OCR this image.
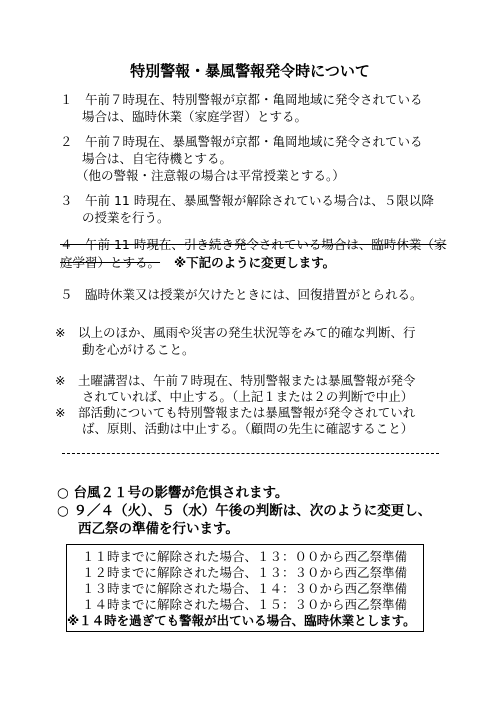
特別警報・暴風警報発令時について
１　午前７時現在、特別警報が京都・亀岡地域に発令されている
場合は、臨時休業（家庭学習）とする。
２　午前７時現在、暴風警報が京都・亀岡地域に発令されている
場合は、自宅待機とする。
（他の警報・注意報の場合は平常授業とする。）
３　午前 11 時現在、暴風警報が解除されている場合は、５限以降
の授業を行う。
４　午前 11 時現在、引き続き発令されている場合は、臨時休業（家
庭学習）とする。 ※下記のように変更します。
５　臨時休業又は授業が欠けたときには、回復措置がとられる。
※　以上のほか、風雨や災害の発生状況等をみて的確な判断、行
動を心がけること。
※　土曜講習は、午前７時現在、特別警報または暴風警報が発令
されていれば、中止する。（上記１または２の判断で中止）
※　部活動についても特別警報または暴風警報が発令されていれ
ば、原則、活動は中止する。（顧問の先生に確認すること）
○ 台風２１号の影響が危惧されます。
○ ９／４（火）、５（水）午後の判断は、次のように変更し、
西乙祭の準備を行います。
１１時までに解除された場合、１３：００から西乙祭準備
１２時までに解除された場合、１３：３０から西乙祭準備
１３時までに解除された場合、１４：３０から西乙祭準備
１４時までに解除された場合、１５：３０から西乙祭準備
※１４時を過ぎても警報が出ている場合、臨時休業とします。
